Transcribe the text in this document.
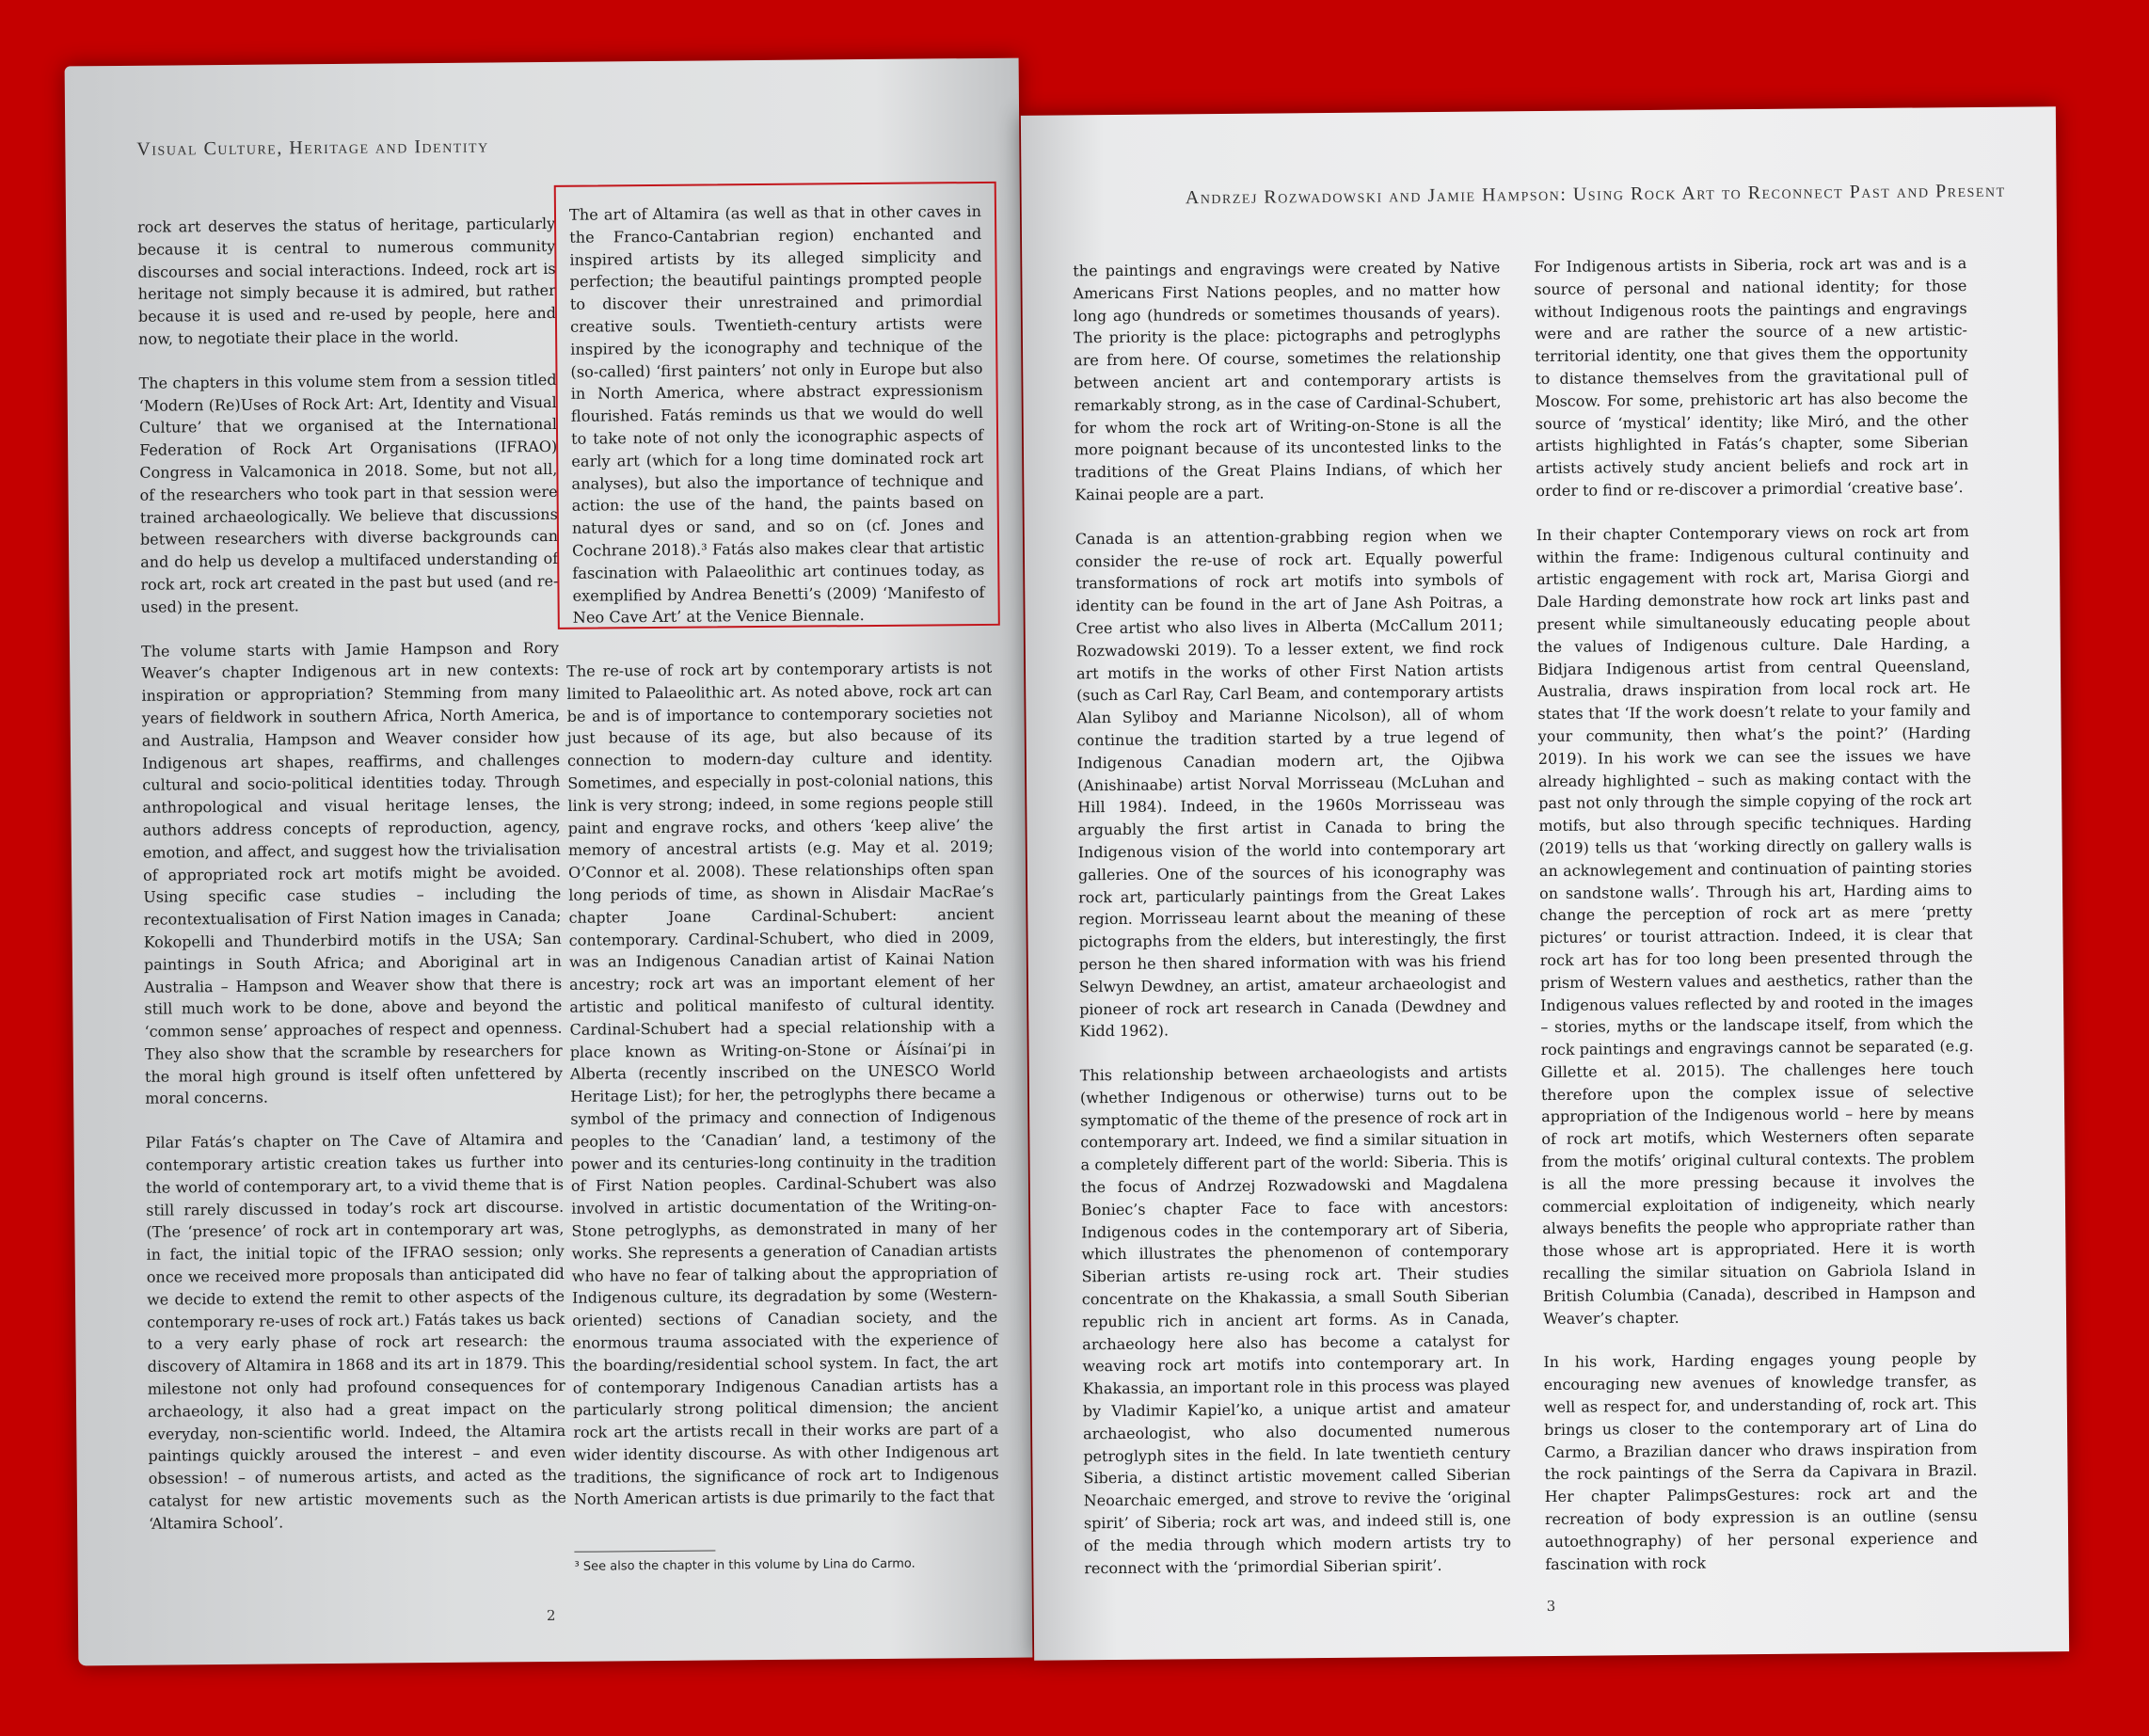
Visual Culture, Heritage and Identity

rock art deserves the status of heritage, particularly because it is central to numerous community discourses and social interactions. Indeed, rock art is heritage not simply because it is admired, but rather because it is used and re-used by people, here and now, to negotiate their place in the world.

The chapters in this volume stem from a session titled ‘Modern (Re)Uses of Rock Art: Art, Identity and Visual Culture’ that we organised at the International Federation of Rock Art Organisations (IFRAO) Congress in Valcamonica in 2018. Some, but not all, of the researchers who took part in that session were trained archaeologically. We believe that discussions between researchers with diverse backgrounds can and do help us develop a multifaced understanding of rock art, rock art created in the past but used (and re-used) in the present.

The volume starts with Jamie Hampson and Rory Weaver’s chapter Indigenous art in new contexts: inspiration or appropriation? Stemming from many years of fieldwork in southern Africa, North America, and Australia, Hampson and Weaver consider how Indigenous art shapes, reaffirms, and challenges cultural and socio-political identities today. Through anthropological and visual heritage lenses, the authors address concepts of reproduction, agency, emotion, and affect, and suggest how the trivialisation of appropriated rock art motifs might be avoided. Using specific case studies – including the recontextualisation of First Nation images in Canada; Kokopelli and Thunderbird motifs in the USA; San paintings in South Africa; and Aboriginal art in Australia – Hampson and Weaver show that there is still much work to be done, above and beyond the ‘common sense’ approaches of respect and openness. They also show that the scramble by researchers for the moral high ground is itself often unfettered by moral concerns.

Pilar Fatás’s chapter on The Cave of Altamira and contemporary artistic creation takes us further into the world of contemporary art, to a vivid theme that is still rarely discussed in today’s rock art discourse. (The ‘presence’ of rock art in contemporary art was, in fact, the initial topic of the IFRAO session; only once we received more proposals than anticipated did we decide to extend the remit to other aspects of the contemporary re-uses of rock art.) Fatás takes us back to a very early phase of rock art research: the discovery of Altamira in 1868 and its art in 1879. This milestone not only had profound consequences for archaeology, it also had a great impact on the everyday, non-scientific world. Indeed, the Altamira paintings quickly aroused the interest – and even obsession! – of numerous artists, and acted as the catalyst for new artistic movements such as the ‘Altamira School’.

The art of Altamira (as well as that in other caves in the Franco-Cantabrian region) enchanted and inspired artists by its alleged simplicity and perfection; the beautiful paintings prompted people to discover their unrestrained and primordial creative souls. Twentieth-century artists were inspired by the iconography and technique of the (so-called) ‘first painters’ not only in Europe but also in North America, where abstract expressionism flourished. Fatás reminds us that we would do well to take note of not only the iconographic aspects of early art (which for a long time dominated rock art analyses), but also the importance of technique and action: the use of the hand, the paints based on natural dyes or sand, and so on (cf. Jones and Cochrane 2018).³ Fatás also makes clear that artistic fascination with Palaeolithic art continues today, as exemplified by Andrea Benetti’s (2009) ‘Manifesto of Neo Cave Art’ at the Venice Biennale.

The re-use of rock art by contemporary artists is not limited to Palaeolithic art. As noted above, rock art can be and is of importance to contemporary societies not just because of its age, but also because of its connection to modern-day culture and identity. Sometimes, and especially in post-colonial nations, this link is very strong; indeed, in some regions people still paint and engrave rocks, and others ‘keep alive’ the memory of ancestral artists (e.g. May et al. 2019; O’Connor et al. 2008). These relationships often span long periods of time, as shown in Alisdair MacRae’s chapter Joane Cardinal-Schubert: ancient contemporary. Cardinal-Schubert, who died in 2009, was an Indigenous Canadian artist of Kainai Nation ancestry; rock art was an important element of her artistic and political manifesto of cultural identity. Cardinal-Schubert had a special relationship with a place known as Writing-on-Stone or Áísínai’pi in Alberta (recently inscribed on the UNESCO World Heritage List); for her, the petroglyphs there became a symbol of the primacy and connection of Indigenous peoples to the ‘Canadian’ land, a testimony of the power and its centuries-long continuity in the tradition of First Nation peoples. Cardinal-Schubert was also involved in artistic documentation of the Writing-on-Stone petroglyphs, as demonstrated in many of her works. She represents a generation of Canadian artists who have no fear of talking about the appropriation of Indigenous culture, its degradation by some (Western-oriented) sections of Canadian society, and the enormous trauma associated with the experience of the boarding/residential school system. In fact, the art of contemporary Indigenous Canadian artists has a particularly strong political dimension; the ancient rock art the artists recall in their works are part of a wider identity discourse. As with other Indigenous art traditions, the significance of rock art to Indigenous North American artists is due primarily to the fact that

³ See also the chapter in this volume by Lina do Carmo.
2
Andrzej Rozwadowski and Jamie Hampson: Using Rock Art to Reconnect Past and Present

the paintings and engravings were created by Native Americans First Nations peoples, and no matter how long ago (hundreds or sometimes thousands of years). The priority is the place: pictographs and petroglyphs are from here. Of course, sometimes the relationship between ancient art and contemporary artists is remarkably strong, as in the case of Cardinal-Schubert, for whom the rock art of Writing-on-Stone is all the more poignant because of its uncontested links to the traditions of the Great Plains Indians, of which her Kainai people are a part.

Canada is an attention-grabbing region when we consider the re-use of rock art. Equally powerful transformations of rock art motifs into symbols of identity can be found in the art of Jane Ash Poitras, a Cree artist who also lives in Alberta (McCallum 2011; Rozwadowski 2019). To a lesser extent, we find rock art motifs in the works of other First Nation artists (such as Carl Ray, Carl Beam, and contemporary artists Alan Syliboy and Marianne Nicolson), all of whom continue the tradition started by a true legend of Indigenous Canadian modern art, the Ojibwa (Anishinaabe) artist Norval Morrisseau (McLuhan and Hill 1984). Indeed, in the 1960s Morrisseau was arguably the first artist in Canada to bring the Indigenous vision of the world into contemporary art galleries. One of the sources of his iconography was rock art, particularly paintings from the Great Lakes region. Morrisseau learnt about the meaning of these pictographs from the elders, but interestingly, the first person he then shared information with was his friend Selwyn Dewdney, an artist, amateur archaeologist and pioneer of rock art research in Canada (Dewdney and Kidd 1962).

This relationship between archaeologists and artists (whether Indigenous or otherwise) turns out to be symptomatic of the theme of the presence of rock art in contemporary art. Indeed, we find a similar situation in a completely different part of the world: Siberia. This is the focus of Andrzej Rozwadowski and Magdalena Boniec’s chapter Face to face with ancestors: Indigenous codes in the contemporary art of Siberia, which illustrates the phenomenon of contemporary Siberian artists re-using rock art. Their studies concentrate on the Khakassia, a small South Siberian republic rich in ancient art forms. As in Canada, archaeology here also has become a catalyst for weaving rock art motifs into contemporary art. In Khakassia, an important role in this process was played by Vladimir Kapiel’ko, a unique artist and amateur archaeologist, who also documented numerous petroglyph sites in the field. In late twentieth century Siberia, a distinct artistic movement called Siberian Neoarchaic emerged, and strove to revive the ‘original spirit’ of Siberia; rock art was, and indeed still is, one of the media through which modern artists try to reconnect with the ‘primordial Siberian spirit’.

For Indigenous artists in Siberia, rock art was and is a source of personal and national identity; for those without Indigenous roots the paintings and engravings were and are rather the source of a new artistic-territorial identity, one that gives them the opportunity to distance themselves from the gravitational pull of Moscow. For some, prehistoric art has also become the source of ‘mystical’ identity; like Miró, and the other artists highlighted in Fatás’s chapter, some Siberian artists actively study ancient beliefs and rock art in order to find or re-discover a primordial ‘creative base’.

In their chapter Contemporary views on rock art from within the frame: Indigenous cultural continuity and artistic engagement with rock art, Marisa Giorgi and Dale Harding demonstrate how rock art links past and present while simultaneously educating people about the values of Indigenous culture. Dale Harding, a Bidjara Indigenous artist from central Queensland, Australia, draws inspiration from local rock art. He states that ‘If the work doesn’t relate to your family and your community, then what’s the point?’ (Harding 2019). In his work we can see the issues we have already highlighted – such as making contact with the past not only through the simple copying of the rock art motifs, but also through specific techniques. Harding (2019) tells us that ‘working directly on gallery walls is an acknowlegement and continuation of painting stories on sandstone walls’. Through his art, Harding aims to change the perception of rock art as mere ‘pretty pictures’ or tourist attraction. Indeed, it is clear that rock art has for too long been presented through the prism of Western values and aesthetics, rather than the Indigenous values reflected by and rooted in the images – stories, myths or the landscape itself, from which the rock paintings and engravings cannot be separated (e.g. Gillette et al. 2015). The challenges here touch therefore upon the complex issue of selective appropriation of the Indigenous world – here by means of rock art motifs, which Westerners often separate from the motifs’ original cultural contexts. The problem is all the more pressing because it involves the commercial exploitation of indigeneity, which nearly always benefits the people who appropriate rather than those whose art is appropriated. Here it is worth recalling the similar situation on Gabriola Island in British Columbia (Canada), described in Hampson and Weaver’s chapter.

In his work, Harding engages young people by encouraging new avenues of knowledge transfer, as well as respect for, and understanding of, rock art. This brings us closer to the contemporary art of Lina do Carmo, a Brazilian dancer who draws inspiration from the rock paintings of the Serra da Capivara in Brazil. Her chapter PalimpsGestures: rock art and the recreation of body expression is an outline (sensu autoethnography) of her personal experience and fascination with rock

3
